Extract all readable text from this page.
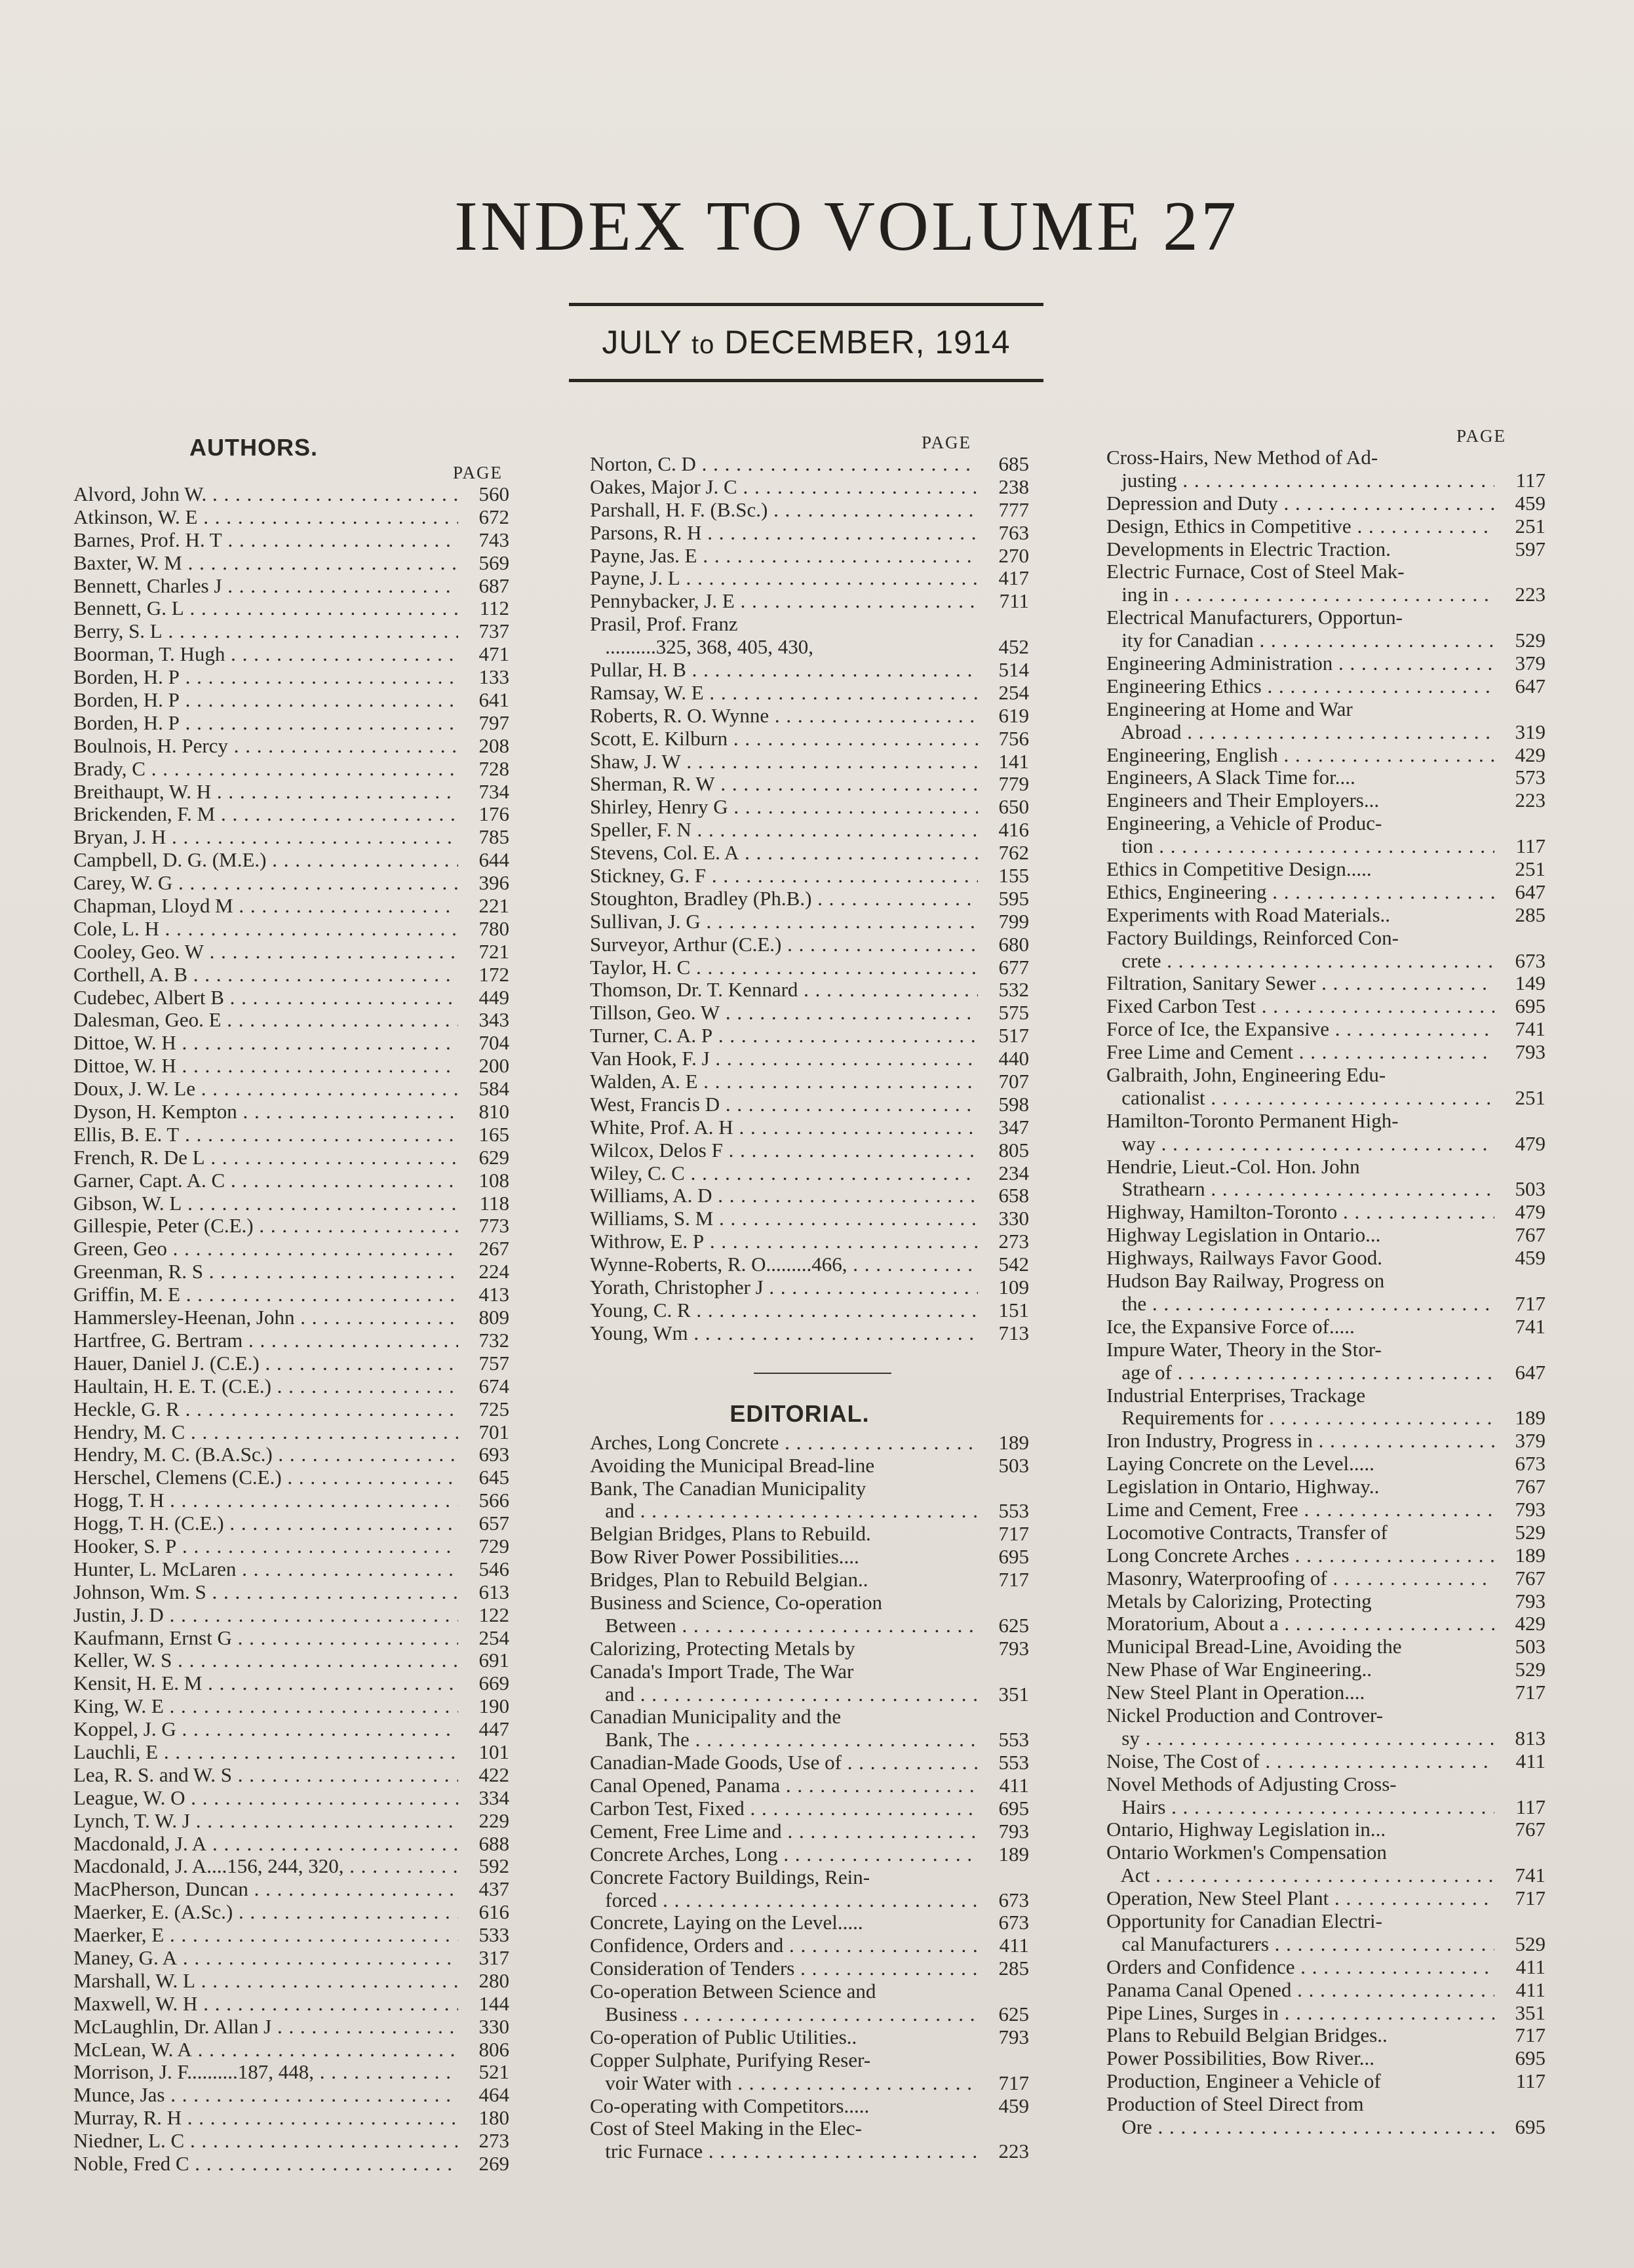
INDEX TO VOLUME 27
JULY to DECEMBER, 1914
AUTHORS.
PAGE
Alvord, John W. . . .	560
Atkinson, W. E . . .	672
Barnes, Prof. H. T . . .	743
Baxter, W. M . . .	569
Bennett, Charles J . . .	687
Bennett, G. L . . .	112
Berry, S. L . . .	737
Boorman, T. Hugh . . .	471
Borden, H. P . . .	133
Borden, H. P . . .	641
Borden, H. P . . .	797
Boulnois, H. Percy . . .	208
Brady, C . . .	728
Breithaupt, W. H . . .	734
Brickenden, F. M . . .	176
Bryan, J. H . . .	785
Campbell, D. G. (M.E.) . . .	644
Carey, W. G . . .	396
Chapman, Lloyd M . . .	221
Cole, L. H . . .	780
Cooley, Geo. W . . .	721
Corthell, A. B . . .	172
Cudebec, Albert B . . .	449
Dalesman, Geo. E . . .	343
Dittoe, W. H . . .	704
Dittoe, W. H . . .	200
Doux, J. W. Le . . .	584
Dyson, H. Kempton . . .	810
Ellis, B. E. T . . .	165
French, R. De L . . .	629
Garner, Capt. A. C . . .	108
Gibson, W. L . . .	118
Gillespie, Peter (C.E.) . . .	773
Green, Geo . . .	267
Greenman, R. S . . .	224
Griffin, M. E . . .	413
Hammersley-Heenan, John . . .	809
Hartfree, G. Bertram . . .	732
Hauer, Daniel J. (C.E.) . . .	757
Haultain, H. E. T. (C.E.) . . .	674
Heckle, G. R . . .	725
Hendry, M. C . . .	701
Hendry, M. C. (B.A.Sc.) . . .	693
Herschel, Clemens (C.E.) . . .	645
Hogg, T. H . . .	566
Hogg, T. H. (C.E.) . . .	657
Hooker, S. P . . .	729
Hunter, L. McLaren . . .	546
Johnson, Wm. S . . .	613
Justin, J. D . . .	122
Kaufmann, Ernst G . . .	254
Keller, W. S . . .	691
Kensit, H. E. M . . .	669
King, W. E . . .	190
Koppel, J. G . . .	447
Lauchli, E . . .	101
Lea, R. S. and W. S . . .	422
League, W. O . . .	334
Lynch, T. W. J . . .	229
Macdonald, J. A . . .	688
Macdonald, J. A....156, 244, 320, . . .	592
MacPherson, Duncan . . .	437
Maerker, E. (A.Sc.) . . .	616
Maerker, E . . .	533
Maney, G. A . . .	317
Marshall, W. L . . .	280
Maxwell, W. H . . .	144
McLaughlin, Dr. Allan J . . .	330
McLean, W. A . . .	806
Morrison, J. F..........187, 448, . . .	521
Munce, Jas . . .	464
Murray, R. H . . .	180
Niedner, L. C . . .	273
Noble, Fred C . . .	269
PAGE
Norton, C. D . . .	685
Oakes, Major J. C . . .	238
Parshall, H. F. (B.Sc.) . . .	777
Parsons, R. H . . .	763
Payne, Jas. E . . .	270
Payne, J. L . . .	417
Pennybacker, J. E . . .	711
Prasil, Prof. Franz
..........325, 368, 405, 430,	452
Pullar, H. B . . .	514
Ramsay, W. E . . .	254
Roberts, R. O. Wynne . . .	619
Scott, E. Kilburn . . .	756
Shaw, J. W . . .	141
Sherman, R. W . . .	779
Shirley, Henry G . . .	650
Speller, F. N . . .	416
Stevens, Col. E. A . . .	762
Stickney, G. F . . .	155
Stoughton, Bradley (Ph.B.) . . .	595
Sullivan, J. G . . .	799
Surveyor, Arthur (C.E.) . . .	680
Taylor, H. C . . .	677
Thomson, Dr. T. Kennard . . .	532
Tillson, Geo. W . . .	575
Turner, C. A. P . . .	517
Van Hook, F. J . . .	440
Walden, A. E . . .	707
West, Francis D . . .	598
White, Prof. A. H . . .	347
Wilcox, Delos F . . .	805
Wiley, C. C . . .	234
Williams, A. D . . .	658
Williams, S. M . . .	330
Withrow, E. P . . .	273
Wynne-Roberts, R. O.........466, . . .	542
Yorath, Christopher J . . .	109
Young, C. R . . .	151
Young, Wm . . .	713
EDITORIAL.
Arches, Long Concrete . . .	189
Avoiding the Municipal Bread-line	503
Bank, The Canadian Municipality
and . . .	553
Belgian Bridges, Plans to Rebuild.	717
Bow River Power Possibilities....	695
Bridges, Plan to Rebuild Belgian..	717
Business and Science, Co-operation
Between . . .	625
Calorizing, Protecting Metals by	793
Canada's Import Trade, The War
and . . .	351
Canadian Municipality and the
Bank, The . . .	553
Canadian-Made Goods, Use of . . .	553
Canal Opened, Panama . . .	411
Carbon Test, Fixed . . .	695
Cement, Free Lime and . . .	793
Concrete Arches, Long . . .	189
Concrete Factory Buildings, Rein-
forced . . .	673
Concrete, Laying on the Level.....	673
Confidence, Orders and . . .	411
Consideration of Tenders . . .	285
Co-operation Between Science and
Business . . .	625
Co-operation of Public Utilities..	793
Copper Sulphate, Purifying Reser-
voir Water with . . .	717
Co-operating with Competitors.....	459
Cost of Steel Making in the Elec-
tric Furnace . . .	223
PAGE
Cross-Hairs, New Method of Ad-
justing . . .	117
Depression and Duty . . .	459
Design, Ethics in Competitive . . .	251
Developments in Electric Traction.	597
Electric Furnace, Cost of Steel Mak-
ing in . . .	223
Electrical Manufacturers, Opportun-
ity for Canadian . . .	529
Engineering Administration . . .	379
Engineering Ethics . . .	647
Engineering at Home and War
Abroad . . .	319
Engineering, English . . .	429
Engineers, A Slack Time for....	573
Engineers and Their Employers...	223
Engineering, a Vehicle of Produc-
tion . . .	117
Ethics in Competitive Design.....	251
Ethics, Engineering . . .	647
Experiments with Road Materials..	285
Factory Buildings, Reinforced Con-
crete . . .	673
Filtration, Sanitary Sewer . . .	149
Fixed Carbon Test . . .	695
Force of Ice, the Expansive . . .	741
Free Lime and Cement . . .	793
Galbraith, John, Engineering Edu-
cationalist . . .	251
Hamilton-Toronto Permanent High-
way . . .	479
Hendrie, Lieut.-Col. Hon. John
Strathearn . . .	503
Highway, Hamilton-Toronto . . .	479
Highway Legislation in Ontario...	767
Highways, Railways Favor Good.	459
Hudson Bay Railway, Progress on
the . . .	717
Ice, the Expansive Force of.....	741
Impure Water, Theory in the Stor-
age of . . .	647
Industrial Enterprises, Trackage
Requirements for . . .	189
Iron Industry, Progress in . . .	379
Laying Concrete on the Level.....	673
Legislation in Ontario, Highway..	767
Lime and Cement, Free . . .	793
Locomotive Contracts, Transfer of	529
Long Concrete Arches . . .	189
Masonry, Waterproofing of . . .	767
Metals by Calorizing, Protecting	793
Moratorium, About a . . .	429
Municipal Bread-Line, Avoiding the	503
New Phase of War Engineering..	529
New Steel Plant in Operation....	717
Nickel Production and Controver-
sy . . .	813
Noise, The Cost of . . .	411
Novel Methods of Adjusting Cross-
Hairs . . .	117
Ontario, Highway Legislation in...	767
Ontario Workmen's Compensation
Act . . .	741
Operation, New Steel Plant . . .	717
Opportunity for Canadian Electri-
cal Manufacturers . . .	529
Orders and Confidence . . .	411
Panama Canal Opened . . .	411
Pipe Lines, Surges in . . .	351
Plans to Rebuild Belgian Bridges..	717
Power Possibilities, Bow River...	695
Production, Engineer a Vehicle of	117
Production of Steel Direct from
Ore . . .	695
